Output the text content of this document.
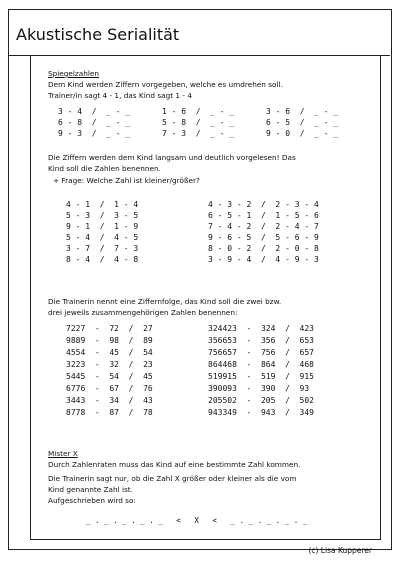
Akustische Serialität
Spiegelzahlen
Dem Kind werden Ziffern vorgegeben, welche es umdrehen soll.
Trainer/in sagt 4 - 1, das Kind sagt 1 - 4
3 - 4  /  _ - _	1 - 6  /  _ - _	3 - 6  /  _ - _
6 - 8  /  _ - _	5 - 8  /  _ - _	6 - 5  /  _ - _
9 - 3  /  _ - _	7 - 3  /  _ - _	9 - 0  /  _ - _
Die Ziffern werden dem Kind langsam und deutlich vorgelesen! Das
Kind soll die Zahlen benennen.
+ Frage: Welche Zahl ist kleiner/größer?
4 - 1  /  1 - 4
5 - 3  /  3 - 5
9 - 1  /  1 - 9
5 - 4  /  4 - 5
3 - 7  /  7 - 3
8 - 4  /  4 - 8
4 - 3 - 2  /  2 - 3 - 4
6 - 5 - 1  /  1 - 5 - 6
7 - 4 - 2  /  2 - 4 - 7
9 - 6 - 5  /  5 - 6 - 9
8 - 0 - 2  /  2 - 0 - 8
3 - 9 - 4  /  4 - 9 - 3
Die Trainerin nennt eine Ziffernfolge, das Kind soll die zwei bzw.
drei jeweils zusammengehörigen Zahlen benennen:
7227  -  72  /  27
9889  -  98  /  89
4554  -  45  /  54
3223  -  32  /  23
5445  -  54  /  45
6776  -  67  /  76
3443  -  34  /  43
8778  -  87  /  78
324423  -  324  /  423
356653  -  356  /  653
756657  -  756  /  657
864468  -  864  /  468
519915  -  519  /  915
390093  -  390  /  93
205502  -  205  /  502
943349  -  943  /  349
Mister X
Durch Zahlenraten muss das Kind auf eine bestimmte Zahl kommen.
Die Trainerin sagt nur, ob die Zahl X größer oder kleiner als die vom
Kind genannte Zahl ist.
Aufgeschrieben wird so:
_ . _ . _ . _ . _   <   X   <   _ . _ . _ . _ . _
(c) Lisa Kupperer
